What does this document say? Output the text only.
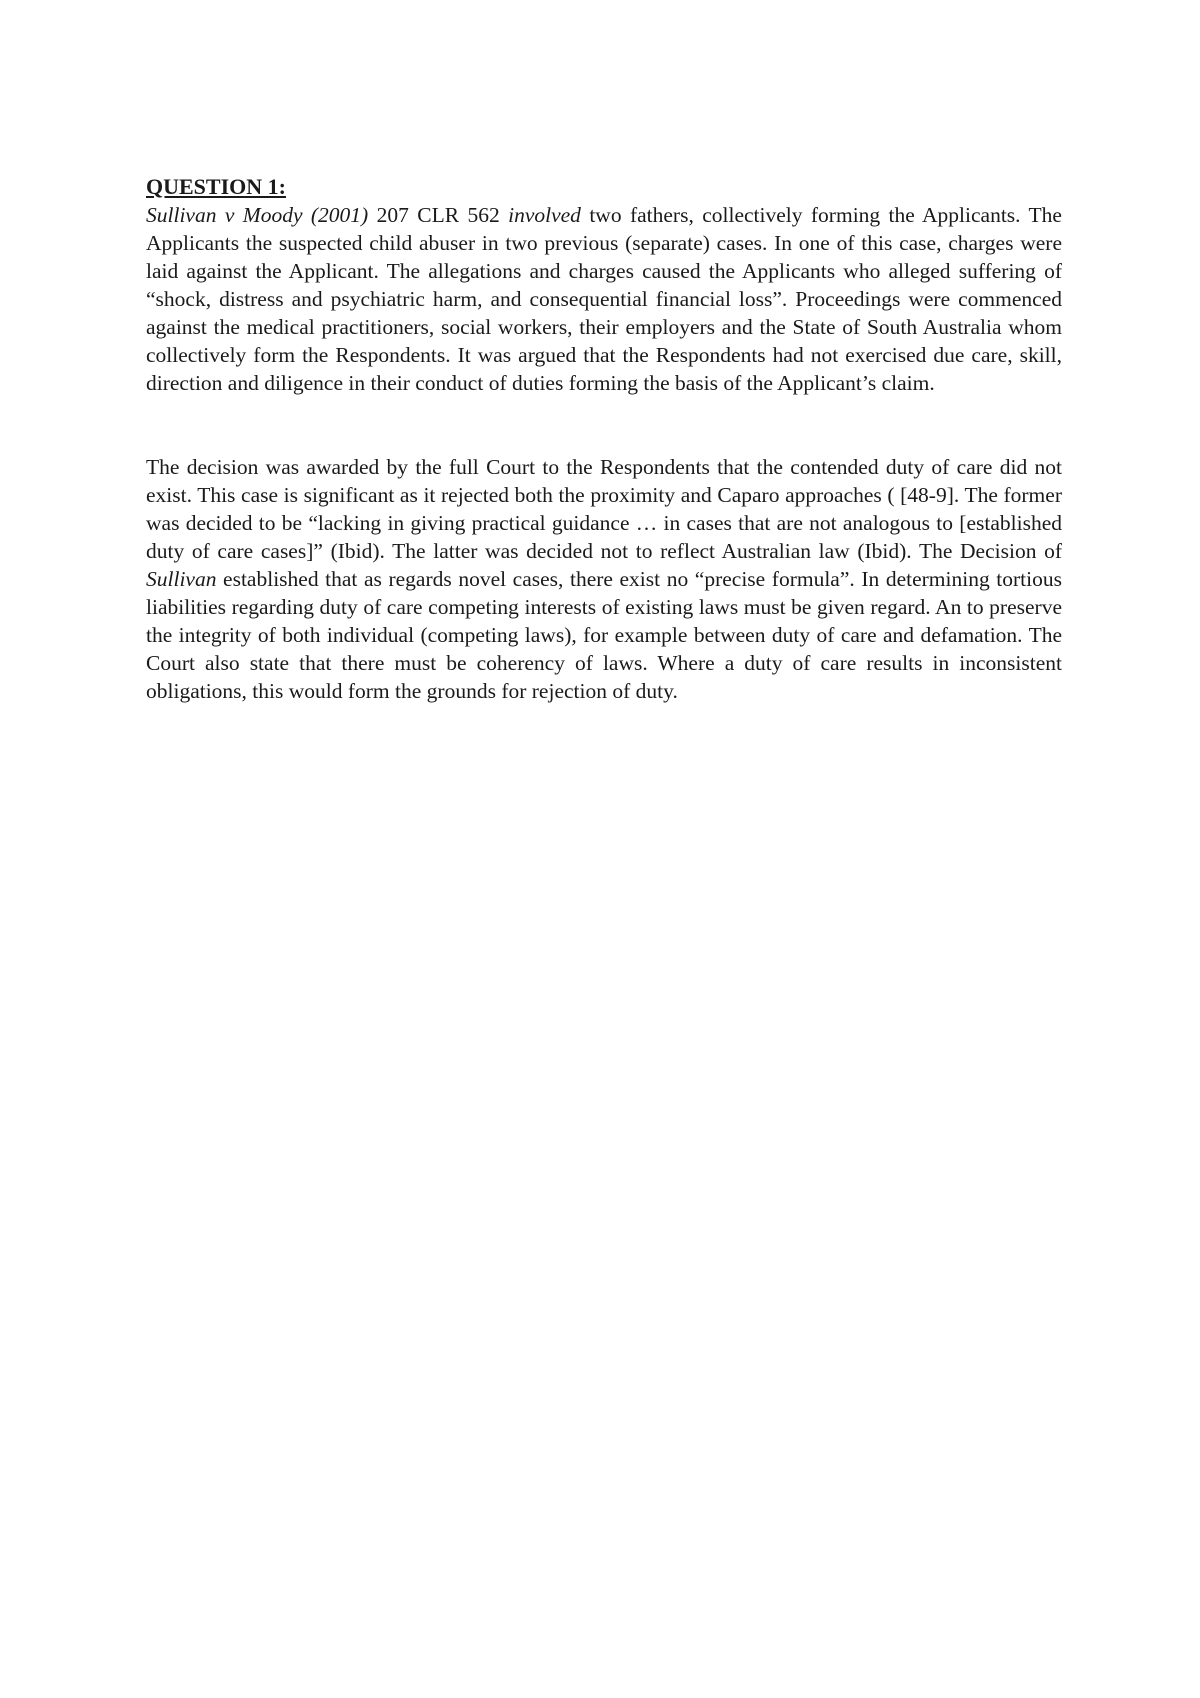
QUESTION 1:

Sullivan v Moody (2001) 207 CLR 562 involved two fathers, collectively forming the Applicants. The Applicants the suspected child abuser in two previous (separate) cases. In one of this case, charges were laid against the Applicant. The allegations and charges caused the Applicants who alleged suffering of “shock, distress and psychiatric harm, and consequential financial loss”. Proceedings were commenced against the medical practitioners, social workers, their employers and the State of South Australia whom collectively form the Respondents. It was argued that the Respondents had not exercised due care, skill, direction and diligence in their conduct of duties forming the basis of the Applicant’s claim.

The decision was awarded by the full Court to the Respondents that the contended duty of care did not exist. This case is significant as it rejected both the proximity and Caparo approaches ( [48-9]. The former was decided to be “lacking in giving practical guidance … in cases that are not analogous to [established duty of care cases]” (Ibid). The latter was decided not to reflect Australian law (Ibid). The Decision of Sullivan established that as regards novel cases, there exist no “precise formula”. In determining tortious liabilities regarding duty of care competing interests of existing laws must be given regard. An to preserve the integrity of both individual (competing laws), for example between duty of care and defamation. The Court also state that there must be coherency of laws. Where a duty of care results in inconsistent obligations, this would form the grounds for rejection of duty.
